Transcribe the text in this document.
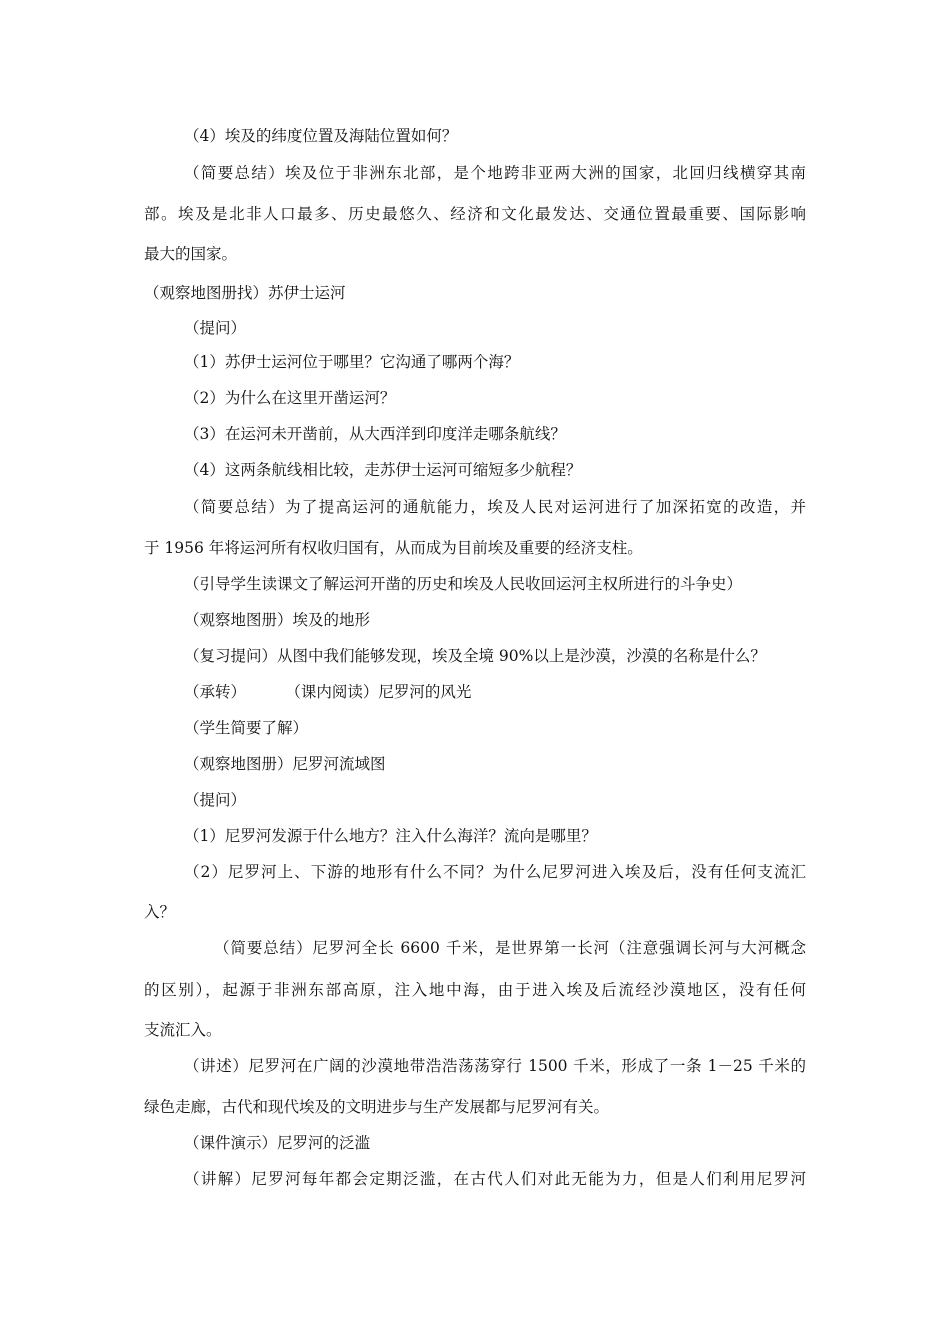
（4）埃及的纬度位置及海陆位置如何？
（简要总结）埃及位于非洲东北部，是个地跨非亚两大洲的国家，北回归线横穿其南
部。埃及是北非人口最多、历史最悠久、经济和文化最发达、交通位置最重要、国际影响
最大的国家。
（观察地图册找）苏伊士运河
（提问）
（1）苏伊士运河位于哪里？它沟通了哪两个海？
（2）为什么在这里开凿运河？
（3）在运河未开凿前，从大西洋到印度洋走哪条航线？
（4）这两条航线相比较，走苏伊士运河可缩短多少航程？
（简要总结）为了提高运河的通航能力，埃及人民对运河进行了加深拓宽的改造，并
于 1956 年将运河所有权收归国有，从而成为目前埃及重要的经济支柱。
（引导学生读课文了解运河开凿的历史和埃及人民收回运河主权所进行的斗争史）
（观察地图册）埃及的地形
（复习提问）从图中我们能够发现，埃及全境 90%以上是沙漠，沙漠的名称是什么？
（承转）        （课内阅读）尼罗河的风光
（学生简要了解）
（观察地图册）尼罗河流域图
（提问）
（1）尼罗河发源于什么地方？注入什么海洋？流向是哪里？
（2）尼罗河上、下游的地形有什么不同？为什么尼罗河进入埃及后，没有任何支流汇
入？
（简要总结）尼罗河全长 6600 千米，是世界第一长河（注意强调长河与大河概念
的区别），起源于非洲东部高原，注入地中海，由于进入埃及后流经沙漠地区，没有任何
支流汇入。
（讲述）尼罗河在广阔的沙漠地带浩浩荡荡穿行 1500 千米，形成了一条 1－25 千米的
绿色走廊，古代和现代埃及的文明进步与生产发展都与尼罗河有关。
（课件演示）尼罗河的泛滥
（讲解）尼罗河每年都会定期泛滥，在古代人们对此无能为力，但是人们利用尼罗河
